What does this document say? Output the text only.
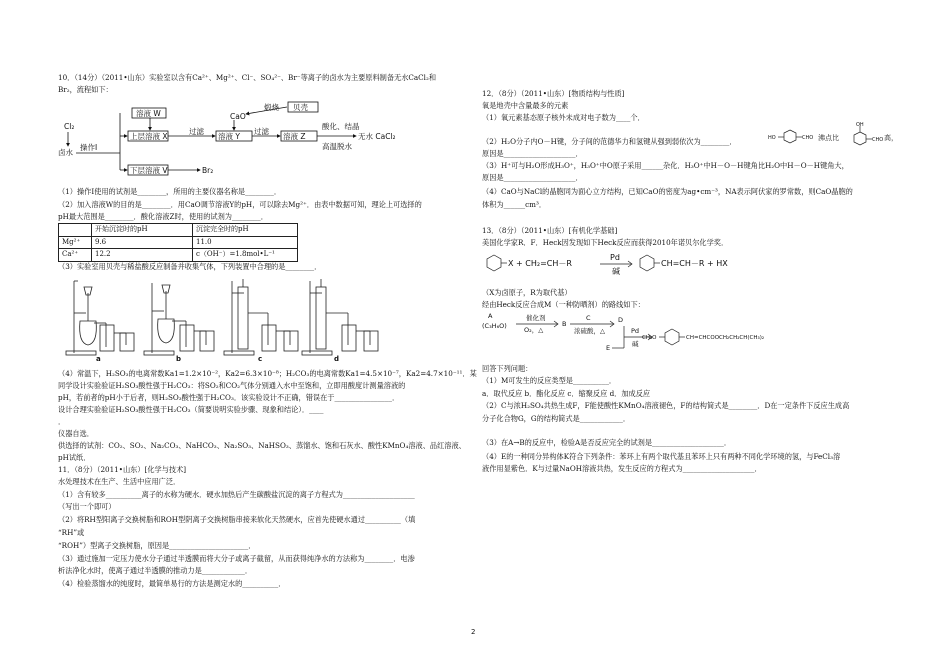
10．（14分）（2011•山东）实验室以含有Ca²⁺、Mg²⁺、Cl⁻、SO₄²⁻、Br⁻等离子的卤水为主要原料制备无水CaCl₂和
Br₂，流程如下：
Cl₂
卤水
操作Ⅰ
溶液 W
上层溶液 X
过滤
溶液 Y
CaO
煅烧 贝壳
过滤
溶液 Z
酸化、结晶
高温脱水
无水 CaCl₂
下层溶液 V	Br₂
（1）操作Ⅰ使用的试剂是________，所用的主要仪器名称是________．
（2）加入溶液W的目的是________．用CaO调节溶液Y的pH，可以除去Mg²⁺．由表中数据可知，理论上可选择的
pH最大范围是________．酸化溶液Z时，使用的试剂为________．
	开始沉淀时的pH	沉淀完全时的pH
Mg²⁺	9.6	11.0
Ca²⁺	12.2	c（OH⁻）=1.8mol•L⁻¹
（3）实验室用贝壳与稀盐酸反应制备并收集气体，下列装置中合理的是________．
a	b	c	d
（4）常温下，H₂SO₃的电离常数Ka1=1.2×10⁻²，Ka2=6.3×10⁻⁸；H₂CO₃的电离常数Ka1=4.5×10⁻⁷，Ka2=4.7×10⁻¹¹．某
同学设计实验验证H₂SO₃酸性强于H₂CO₃：将SO₂和CO₂气体分别通入水中至饱和，立即用酸度计测量溶液的
pH，若前者的pH小于后者，则H₂SO₃酸性强于H₂CO₃．该实验设计不正确，错误在于________________．
设计合理实验验证H₂SO₃酸性强于H₂CO₃（简要说明实验步骤、现象和结论）．____
．
仪器自选．
供选择的试剂：CO₂、SO₂、Na₂CO₃、NaHCO₃、Na₂SO₃、NaHSO₃、蒸馏水、饱和石灰水、酸性KMnO₄溶液、品红溶液、
pH试纸．
11．（8分）（2011•山东）[化学与技术]
水处理技术在生产、生活中应用广泛．
（1）含有较多__________离子的水称为硬水．硬水加热后产生碳酸盐沉淀的离子方程式为____________________
（写出一个即可）
（2）将RH型阳离子交换树脂和ROH型阴离子交换树脂串接来软化天然硬水，应首先使硬水通过__________（填
“RH”或
“ROH”）型离子交换树脂，原因是______________________．
（3）通过施加一定压力使水分子通过半透膜而将大分子或离子截留，从而获得纯净水的方法称为________．电渗
析法净化水时，使离子通过半透膜的推动力是____________．
（4）检验蒸馏水的纯度时，最简单易行的方法是测定水的__________．
12．（8分）（2011•山东）[物质结构与性质]
氧是地壳中含量最多的元素
（1）氧元素基态原子核外未成对电子数为____个．
（2）H₂O分子内O－H键，分子间的范德华力和氢键从强到弱依次为________．	HO	CHO
OH
CHO
沸点比	高，
原因是____________________．
（3）H⁺可与H₂O形成H₃O⁺，H₃O⁺中O原子采用______杂化．H₃O⁺中H－O－H键角比H₂O中H－O－H键角大，
原因是____________________．
（4）CaO与NaCl的晶胞同为面心立方结构，已知CaO的密度为ag•cm⁻³，NA表示阿伏家的罗常数，则CaO晶胞的
体积为______cm³．
13．（8分）（2011•山东）[有机化学基础]
美国化学家R．F．Heck因发现如下Heck反应而获得2010年诺贝尔化学奖．
X + CH₂=CH－R
Pd
碱
CH=CH－R + HX
（X为卤原子，R为取代基）
经由Heck反应合成M（一种防晒剂）的路线如下：
A
(C₃H₆O)
催化剂
O₂，△
B
C
浓硫酸，△
D
Pd
碱
E
CH₃O	CH=CHCOOCH₂CH₂CH(CH₃)₂
回答下列问题：
（1）M可发生的反应类型是__________．
a．取代反应 b．酯化反应 c．缩聚反应 d．加成反应
（2）C与浓H₂SO₄共热生成F，F能使酸性KMnO₄溶液褪色，F的结构简式是________．D在一定条件下反应生成高
分子化合物G，G的结构简式是____________．
（3）在A→B的反应中，检验A是否反应完全的试剂是____________________．
（4）E的一种同分异构体K符合下列条件：苯环上有两个取代基且苯环上只有两种不同化学环境的氢，与FeCl₃溶
液作用显紫色．K与过量NaOH溶液共热，发生反应的方程式为____________________．
2
